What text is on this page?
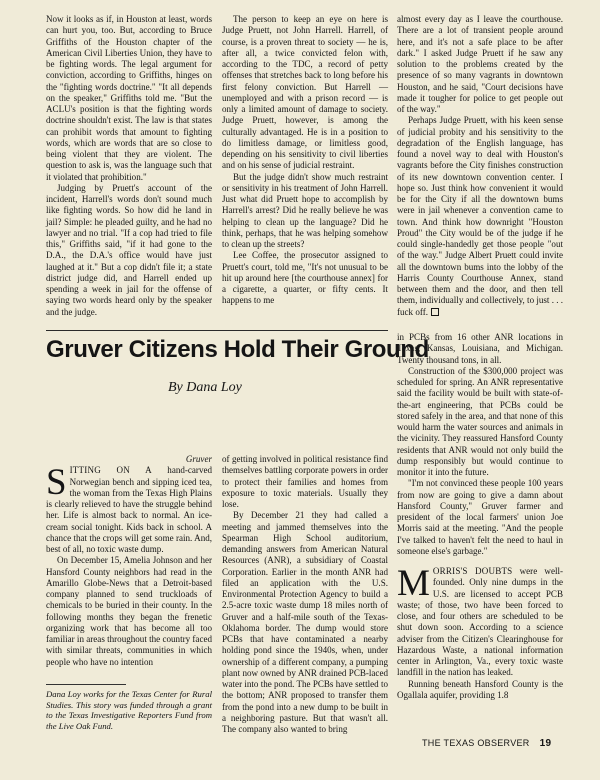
Now it looks as if, in Houston at least, words can hurt you, too. But, according to Bruce Griffiths of the Houston chapter of the American Civil Liberties Union, they have to be fighting words. The legal argument for conviction, according to Griffiths, hinges on the "fighting words doctrine." "It all depends on the speaker," Griffiths told me. "But the ACLU's position is that the fighting words doctrine shouldn't exist. The law is that states can prohibit words that amount to fighting words, which are words that are so close to being violent that they are violent. The question to ask is, was the language such that it violated that prohibition."

Judging by Pruett's account of the incident, Harrell's words don't sound much like fighting words. So how did he land in jail? Simple: he pleaded guilty, and he had no lawyer and no trial. "If a cop had tried to file this," Griffiths said, "if it had gone to the D.A., the D.A.'s office would have just laughed at it." But a cop didn't file it; a state district judge did, and Harrell ended up spending a week in jail for the offense of saying two words heard only by the speaker and the judge.

The person to keep an eye on here is Judge Pruett, not John Harrell. Harrell, of course, is a proven threat to society — he is, after all, a twice convicted felon with, according to the TDC, a record of petty offenses that stretches back to long before his first felony conviction. But Harrell — unemployed and with a prison record — is only a limited amount of damage to society. Judge Pruett, however, is among the culturally advantaged. He is in a position to do limitless damage, or limitless good, depending on his sensitivity to civil liberties and on his sense of judicial restraint.

But the judge didn't show much restraint or sensitivity in his treatment of John Harrell. Just what did Pruett hope to accomplish by Harrell's arrest? Did he really believe he was helping to clean up the language? Did he think, perhaps, that he was helping somehow to clean up the streets?

Lee Coffee, the prosecutor assigned to Pruett's court, told me, "It's not unusual to be hit up around here [the courthouse annex] for a cigarette, a quarter, or fifty cents. It happens to me

almost every day as I leave the courthouse. There are a lot of transient people around here, and it's not a safe place to be after dark." I asked Judge Pruett if he saw any solution to the problems created by the presence of so many vagrants in downtown Houston, and he said, "Court decisions have made it tougher for police to get people out of the way."

Perhaps Judge Pruett, with his keen sense of judicial probity and his sensitivity to the degradation of the English language, has found a novel way to deal with Houston's vagrants before the City finishes construction of its new downtown convention center. I hope so. Just think how convenient it would be for the City if all the downtown bums were in jail whenever a convention came to town. And think how downright "Houston Proud" the City would be of the judge if he could single-handedly get those people "out of the way." Judge Albert Pruett could invite all the downtown bums into the lobby of the Harris County Courthouse Annex, stand between them and the door, and then tell them, individually and collectively, to just . . . fuck off.

Gruver Citizens Hold Their Ground
By Dana Loy

Gruver

SITTING ON A hand-carved Norwegian bench and sipping iced tea, the woman from the Texas High Plains is clearly relieved to have the struggle behind her. Life is almost back to normal. An ice-cream social tonight. Kids back in school. A chance that the crops will get some rain. And, best of all, no toxic waste dump.

On December 15, Amelia Johnson and her Hansford County neighbors had read in the Amarillo Globe-News that a Detroit-based company planned to send truckloads of chemicals to be buried in their county. In the following months they began the frenetic organizing work that has become all too familiar in areas throughout the country faced with similar threats, communities in which people who have no intention

Dana Loy works for the Texas Center for Rural Studies. This story was funded through a grant to the Texas Investigative Reporters Fund from the Live Oak Fund.

of getting involved in political resistance find themselves battling corporate powers in order to protect their families and homes from exposure to toxic materials. Usually they lose.

By December 21 they had called a meeting and jammed themselves into the Spearman High School auditorium, demanding answers from American Natural Resources (ANR), a subsidiary of Coastal Corporation. Earlier in the month ANR had filed an application with the U.S. Environmental Protection Agency to build a 2.5-acre toxic waste dump 18 miles north of Gruver and a half-mile south of the Texas-Oklahoma border. The dump would store PCBs that have contaminated a nearby holding pond since the 1940s, when, under ownership of a different company, a pumping plant now owned by ANR drained PCB-laced water into the pond. The PCBs have settled to the bottom; ANR proposed to transfer them from the pond into a new dump to be built in a neighboring pasture. But that wasn't all. The company also wanted to bring

in PCBs from 16 other ANR locations in Texas, Kansas, Louisiana, and Michigan. Twenty thousand tons, in all.

Construction of the $300,000 project was scheduled for spring. An ANR representative said the facility would be built with state-of-the-art engineering, that PCBs could be stored safely in the area, and that none of this would harm the water sources and animals in the vicinity. They reassured Hansford County residents that ANR would not only build the dump responsibly but would continue to monitor it into the future.

"I'm not convinced these people 100 years from now are going to give a damn about Hansford County," Gruver farmer and president of the local farmers' union Joe Morris said at the meeting. "And the people I've talked to haven't felt the need to haul in someone else's garbage."

MORRIS'S DOUBTS were well-founded. Only nine dumps in the U.S. are licensed to accept PCB waste; of those, two have been forced to close, and four others are scheduled to be shut down soon. According to a science adviser from the Citizen's Clearinghouse for Hazardous Waste, a national information center in Arlington, Va., every toxic waste landfill in the nation has leaked.

Running beneath Hansford County is the Ogallala aquifer, providing 1.8

THE TEXAS OBSERVER 19
